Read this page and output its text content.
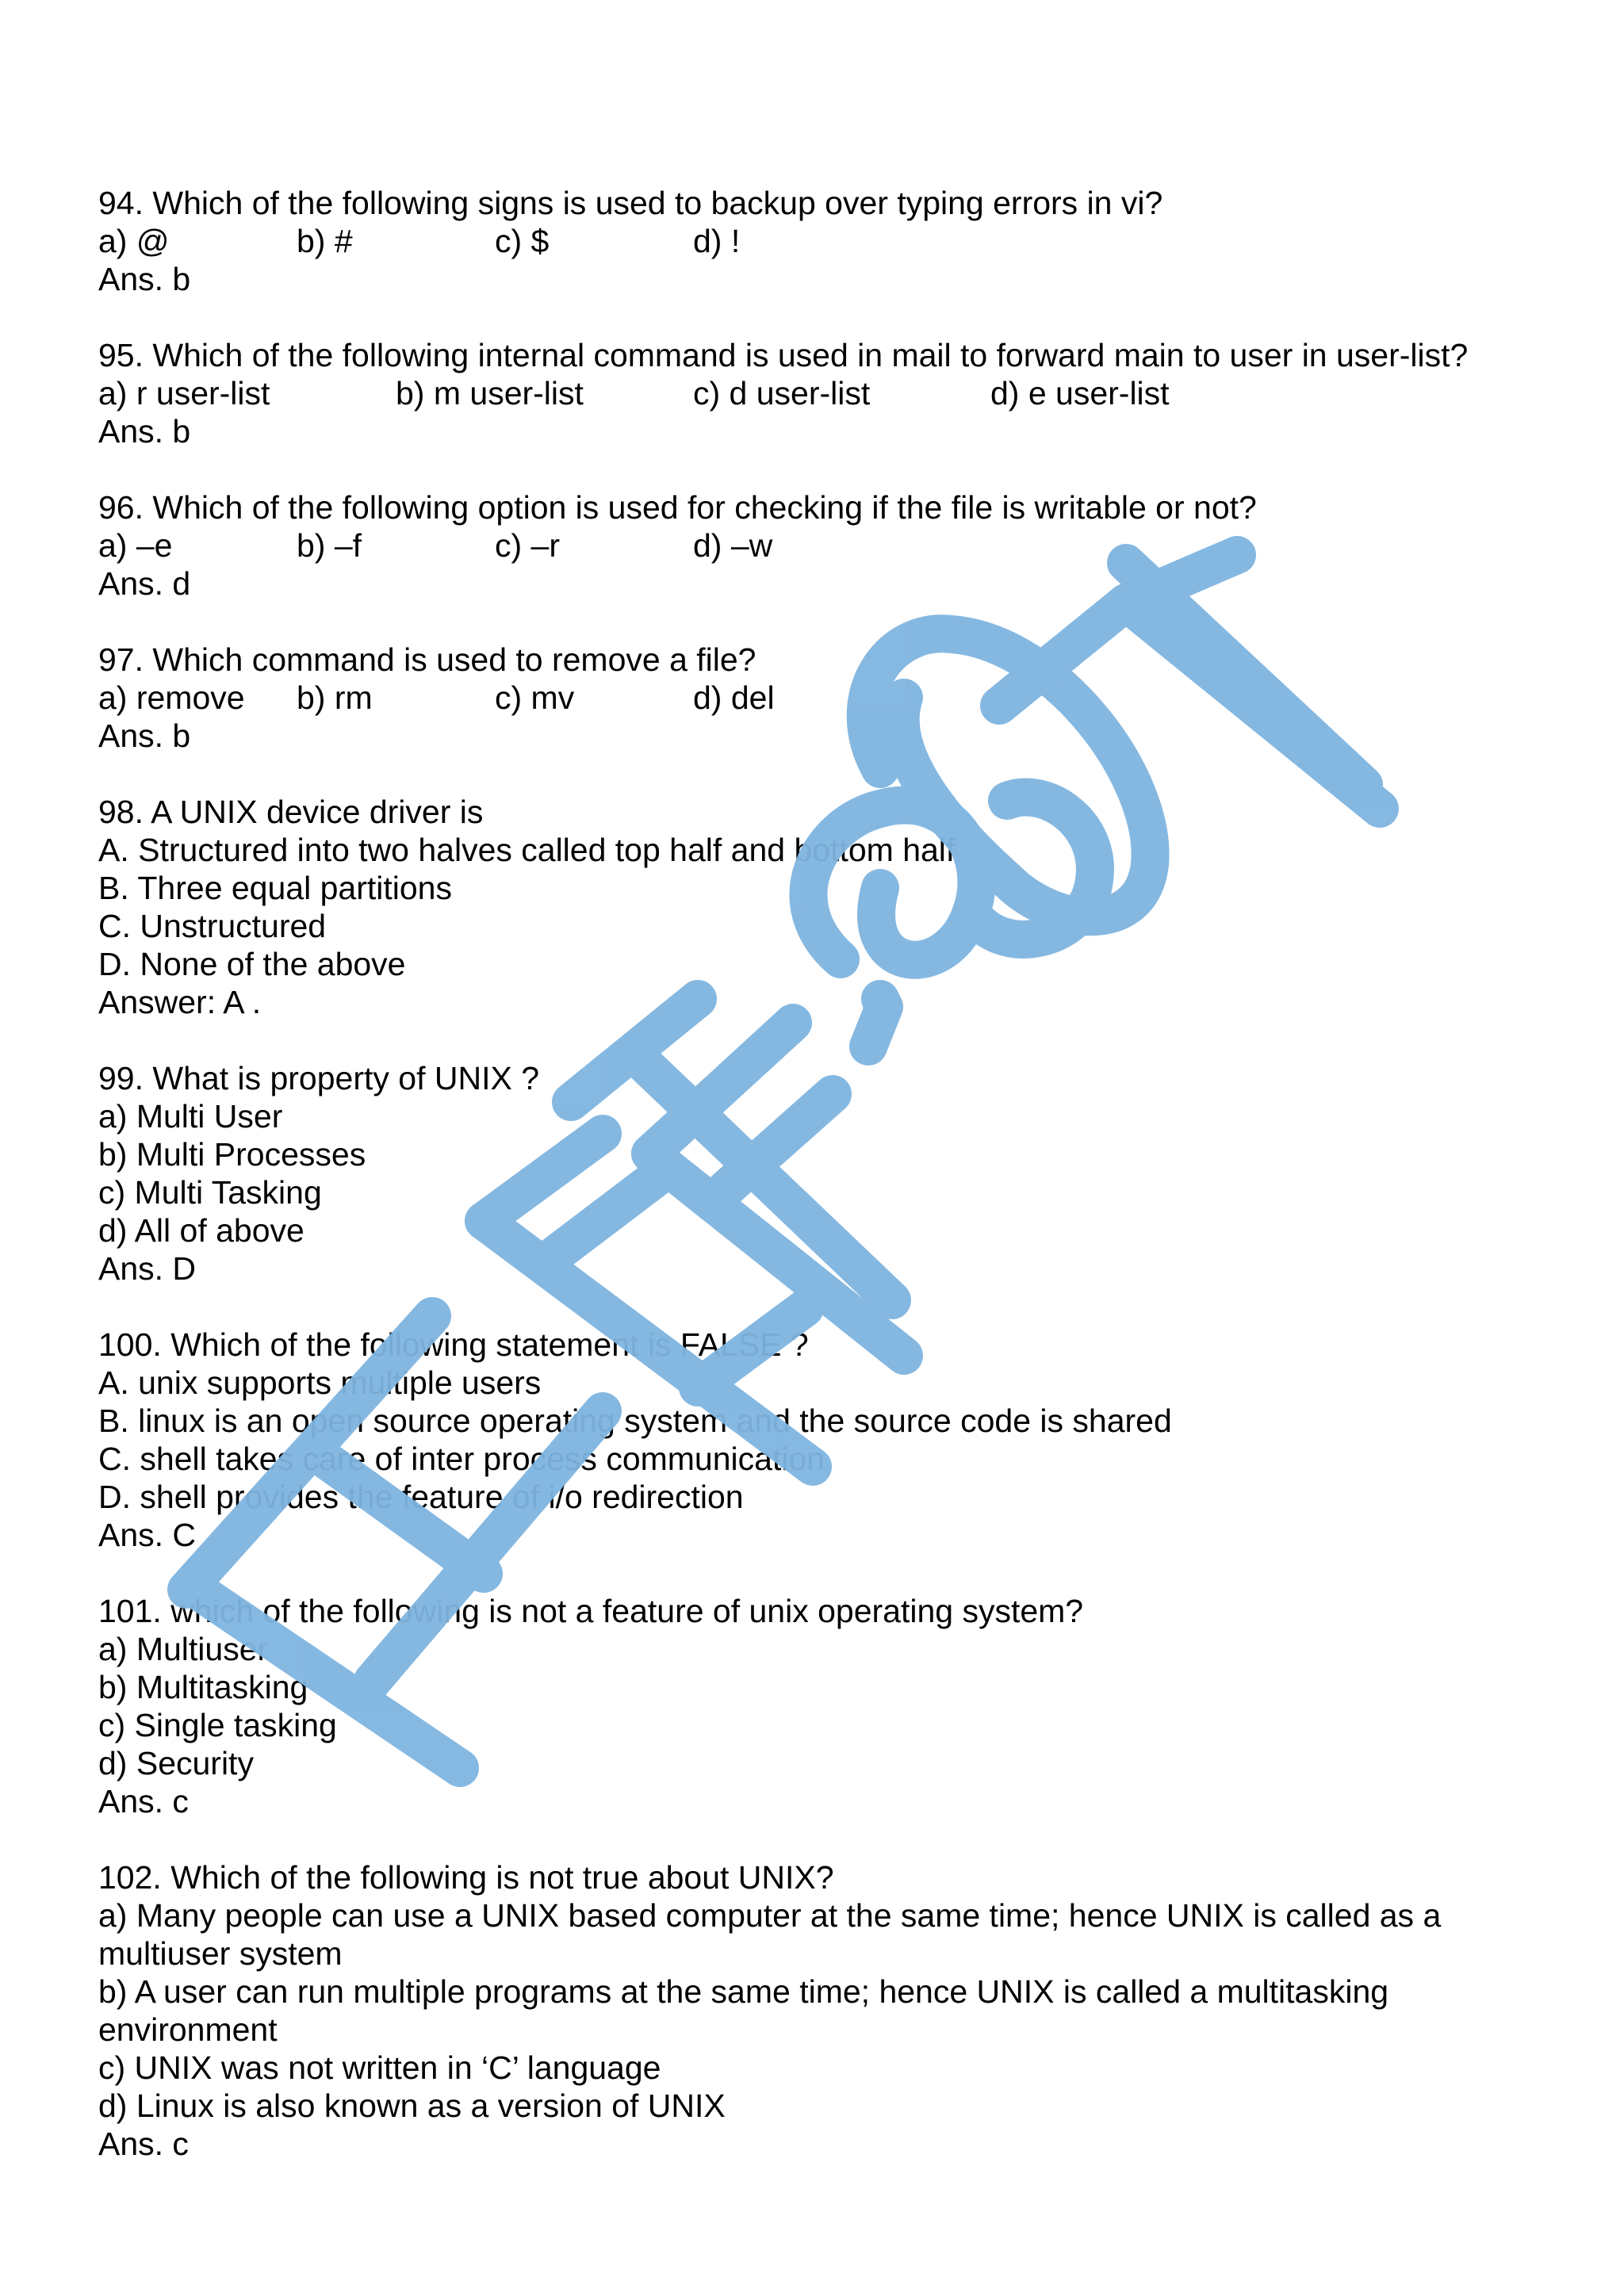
94. Which of the following signs is used to backup over typing errors in vi?
a) @	b) #	c) $	d) !
Ans. b
95. Which of the following internal command is used in mail to forward main to user in user-list?
a) r user-list	b) m user-list	c) d user-list	d) e user-list
Ans. b
96. Which of the following option is used for checking if the file is writable or not?
a) –e	b) –f	c) –r	d) –w
Ans. d
97. Which command is used to remove a file?
a) remove b) rm	c) mv	d) del
Ans. b
98. A UNIX device driver is
A. Structured into two halves called top half and bottom half
B. Three equal partitions
C. Unstructured
D. None of the above
Answer: A .
99. What is property of UNIX ?
a) Multi User
b) Multi Processes
c) Multi Tasking
d) All of above
Ans. D
100. Which of the following statement is FALSE ?
A. unix supports multiple users
B. linux is an open source operating system and the source code is shared
C. shell takes care of inter process communication
D. shell provides the feature of i/o redirection
Ans. C
101. which of the following is not a feature of unix operating system?
a) Multiuser
b) Multitasking
c) Single tasking
d) Security
Ans. c
102. Which of the following is not true about UNIX?
a) Many people can use a UNIX based computer at the same time; hence UNIX is called as a
multiuser system
b) A user can run multiple programs at the same time; hence UNIX is called a multitasking
environment
c) UNIX was not written in ‘C’ language
d) Linux is also known as a version of UNIX
Ans. c
